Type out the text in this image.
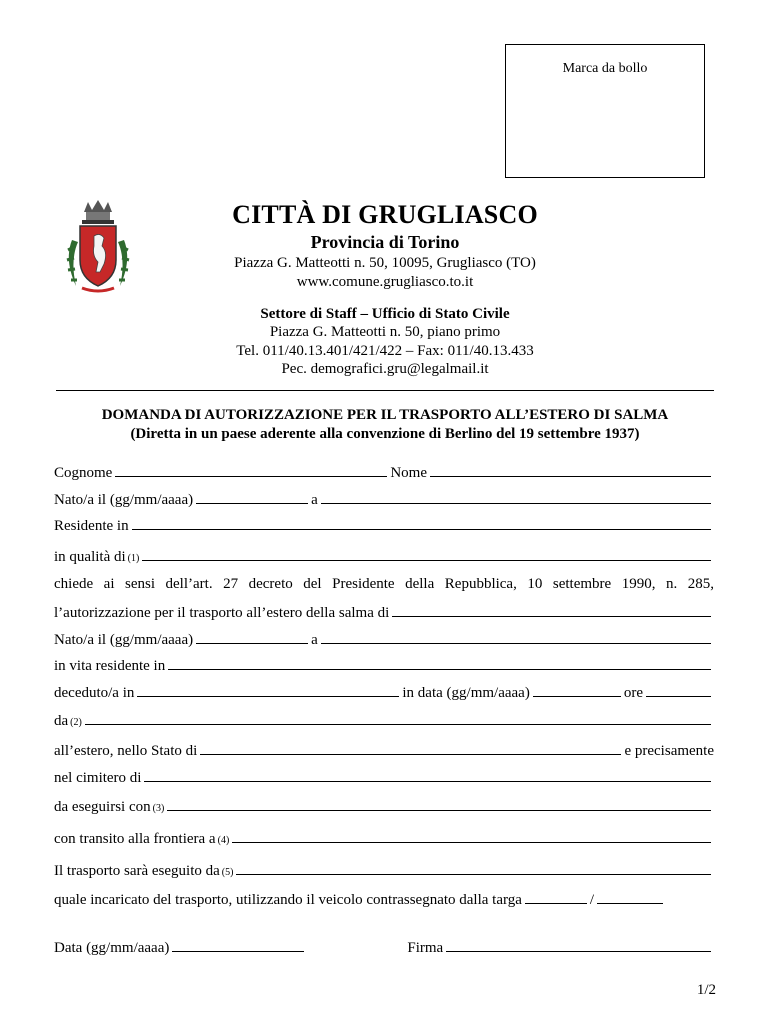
Marca da bollo
CITTÀ DI GRUGLIASCO
Provincia di Torino
Piazza G. Matteotti n. 50, 10095, Grugliasco (TO)
www.comune.grugliasco.to.it
Settore di Staff – Ufficio di Stato Civile
Piazza G. Matteotti n. 50, piano primo
Tel. 011/40.13.401/421/422 – Fax: 011/40.13.433
Pec. demografici.gru@legalmail.it
DOMANDA DI AUTORIZZAZIONE PER IL TRASPORTO ALL’ESTERO DI SALMA
(Diretta in un paese aderente alla convenzione di Berlino del 19 settembre 1937)
Cognome	Nome
Nato/a il (gg/mm/aaaa)	a
Residente in
in qualità di (1)
chiede ai sensi dell’art. 27 decreto del Presidente della Repubblica, 10 settembre 1990, n. 285,
l’autorizzazione per il trasporto all’estero della salma di
Nato/a il (gg/mm/aaaa)	a
in vita residente in
deceduto/a in	in data (gg/mm/aaaa)	ore
da (2)
all’estero, nello Stato di	e precisamente
nel cimitero di
da eseguirsi con (3)
con transito alla frontiera a (4)
Il trasporto sarà eseguito da (5)
quale incaricato del trasporto, utilizzando il veicolo contrassegnato dalla targa	/
Data (gg/mm/aaaa)	Firma
1/2
